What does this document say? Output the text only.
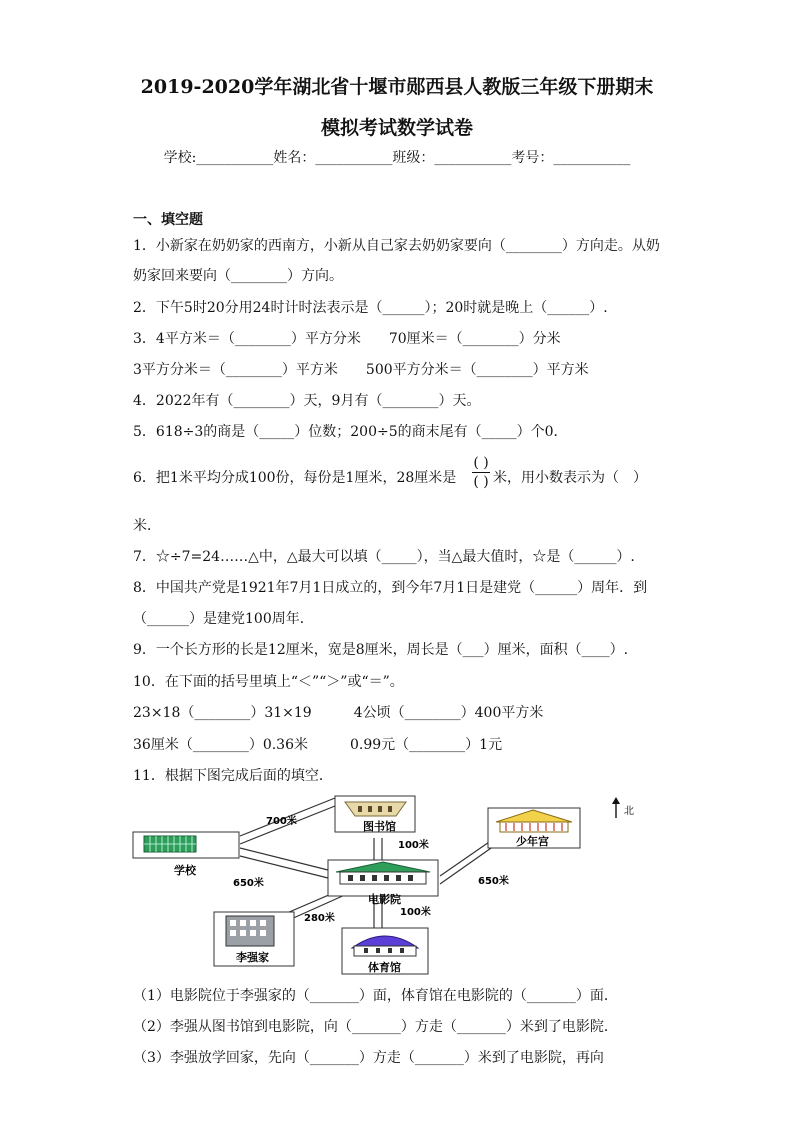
2019-2020学年湖北省十堰市郧西县人教版三年级下册期末
模拟考试数学试卷
学校:___________姓名：___________班级：___________考号：___________
一、填空题
1．小新家在奶奶家的西南方，小新从自己家去奶奶家要向（________）方向走。从奶
奶家回来要向（________）方向。
2．下午5时20分用24时计时法表示是（______）；20时就是晚上（______）.
3．4平方米＝（________）平方分米　　70厘米＝（________）分米
3平方分米＝（________）平方米　　500平方分米＝（________）平方米
4．2022年有（________）天，9月有（________）天。
5．618÷3的商是（_____）位数；200÷5的商末尾有（_____）个0．
6．把1米平均分成100份，每份是1厘米，28厘米是
( )
( ) 米，用小数表示为（　）
米．
7．☆÷7=24……△中，△最大可以填（_____），当△最大值时，☆是（______）.
8．中国共产党是1921年7月1日成立的，到今年7月1日是建党（______）周年．到
（______）是建党100周年．
9．一个长方形的长是12厘米，宽是8厘米，周长是（___）厘米，面积（____）.
10．在下面的括号里填上“＜”“＞”或“＝”。
23×18（________）31×19　　　4公顷（________）400平方米
36厘米（________）0.36米　　　0.99元（________）1元
11．根据下图完成后面的填空．
学校
图书馆
少年宫
电影院
李强家
体育馆
700米
100米
650米	650米
280米
100米
北
（1）电影院位于李强家的（_______）面，体育馆在电影院的（_______）面．
（2）李强从图书馆到电影院，向（_______）方走（_______）米到了电影院．
（3）李强放学回家，先向（_______）方走（_______）米到了电影院，再向
